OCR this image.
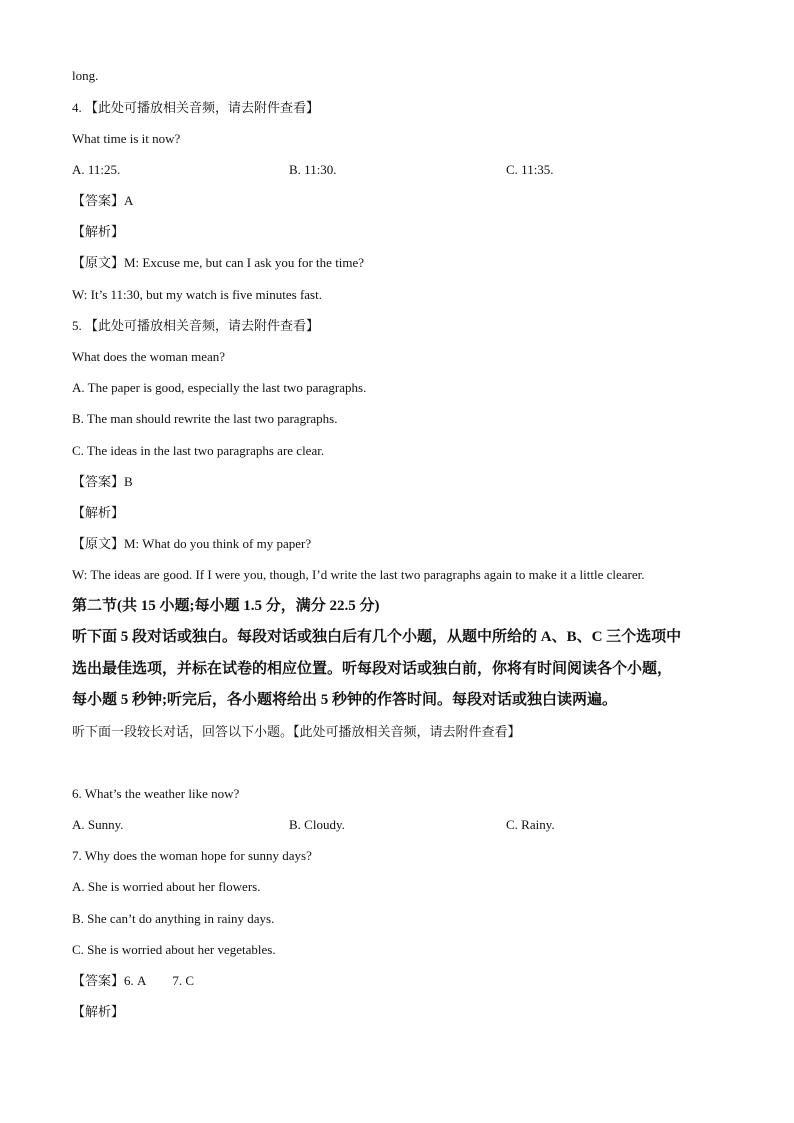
long.
4. 【此处可播放相关音频，请去附件查看】
What time is it now?
A. 11:25.	B. 11:30.	C. 11:35.
【答案】A
【解析】
【原文】M: Excuse me, but can I ask you for the time?
W: It’s 11:30, but my watch is five minutes fast.
5. 【此处可播放相关音频，请去附件查看】
What does the woman mean?
A. The paper is good, especially the last two paragraphs.
B. The man should rewrite the last two paragraphs.
C. The ideas in the last two paragraphs are clear.
【答案】B
【解析】
【原文】M: What do you think of my paper?
W: The ideas are good. If I were you, though, I’d write the last two paragraphs again to make it a little clearer.
第二节(共 15 小题;每小题 1.5 分，满分 22.5 分)
听下面 5 段对话或独白。每段对话或独白后有几个小题，从题中所给的 A、B、C 三个选项中
选出最佳选项，并标在试卷的相应位置。听每段对话或独白前，你将有时间阅读各个小题，
每小题 5 秒钟;听完后，各小题将给出 5 秒钟的作答时间。每段对话或独白读两遍。
听下面一段较长对话，回答以下小题。【此处可播放相关音频，请去附件查看】
6. What’s the weather like now?
A. Sunny.	B. Cloudy.	C. Rainy.
7. Why does the woman hope for sunny days?
A. She is worried about her flowers.
B. She can’t do anything in rainy days.
C. She is worried about her vegetables.
【答案】6. A 7. C
【解析】
